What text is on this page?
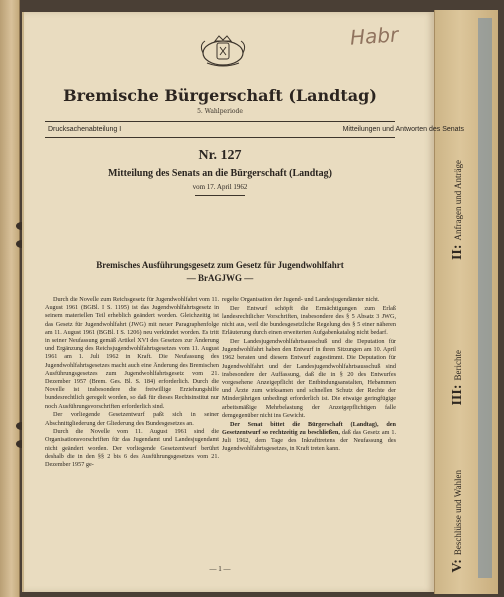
Habr
II: Anfragen und Anträge
III: Berichte
V: Beschlüsse und Wahlen
Bremische Bürgerschaft (Landtag)
5. Wahlperiode
Drucksachenabteilung I	Mitteilungen und Antworten des Senats
Nr. 127
Mitteilung des Senats an die Bürgerschaft (Landtag)
vom 17. April 1962
Bremisches Ausführungsgesetz zum Gesetz für Jugendwohlfahrt
— BrAGJWG —

Durch die Novelle zum Reichsgesetz für Jugendwohlfahrt vom 11. August 1961 (BGBl. I S. 1195) ist das Jugendwohlfahrtsgesetz in seinem materiellen Teil erheblich geändert worden. Gleichzeitig ist das Gesetz für Jugendwohlfahrt (JWG) mit neuer Paragraphenfolge am 11. August 1961 (BGBl. I S. 1206) neu verkündet worden. Es tritt in seiner Neufassung gemäß Artikel XVI des Gesetzes zur Änderung und Ergänzung des Reichsjugendwohlfahrtsgesetzes vom 11. August 1961 am 1. Juli 1962 in Kraft. Die Neufassung des Jugendwohlfahrtsgesetzes macht auch eine Änderung des Bremischen Ausführungsgesetzes zum Jugendwohlfahrtsgesetz vom 21. Dezember 1957 (Brem. Ges. Bl. S. 184) erforderlich. Durch die Novelle ist insbesondere die freiwillige Erziehungshilfe bundesrechtlich geregelt worden, so daß für dieses Rechtsinstitut nur noch Ausführungsvorschriften erforderlich sind.

Der vorliegende Gesetzentwurf paßt sich in seiner Abschnittgliederung der Gliederung des Bundesgesetzes an.

Durch die Novelle vom 11. August 1961 sind die Organisationsvorschriften für das Jugendamt und Landesjugendamt nicht geändert worden. Der vorliegende Gesetzentwurf berührt deshalb die in den §§ 2 bis 6 des Ausführungsgesetzes vom 21. Dezember 1957 ge-

regelte Organisation der Jugend- und Landesjugendämter nicht.

Der Entwurf schöpft die Ermächtigungen zum Erlaß landesrechtlicher Vorschriften, insbesondere des § 5 Absatz 3 JWG, nicht aus, weil die bundesgesetzliche Regelung des § 5 einer näheren Erläuterung durch einen erweiterten Aufgabenkatalog nicht bedarf.

Der Landesjugendwohlfahrtsausschuß und die Deputation für Jugendwohlfahrt haben den Entwurf in ihren Sitzungen am 10. April 1962 beraten und diesem Entwurf zugestimmt. Die Deputation für Jugendwohlfahrt und der Landesjugendwohlfahrtsausschuß sind insbesondere der Auffassung, daß die in § 20 des Entwurfes vorgesehene Anzeigepflicht der Entbindungsanstalten, Hebammen und Ärzte zum wirksamen und schnellen Schutz der Rechte der Minderjährigen unbedingt erforderlich ist. Die etwaige geringfügige arbeitsmäßige Mehrbelastung der Anzeigepflichtigen falle demgegenüber nicht ins Gewicht.

Der Senat bittet die Bürgerschaft (Landtag), den Gesetzentwurf so rechtzeitig zu beschließen, daß das Gesetz am 1. Juli 1962, dem Tage des Inkrafttretens der Neufassung des Jugendwohlfahrtsgesetzes, in Kraft treten kann.

— 1 —
